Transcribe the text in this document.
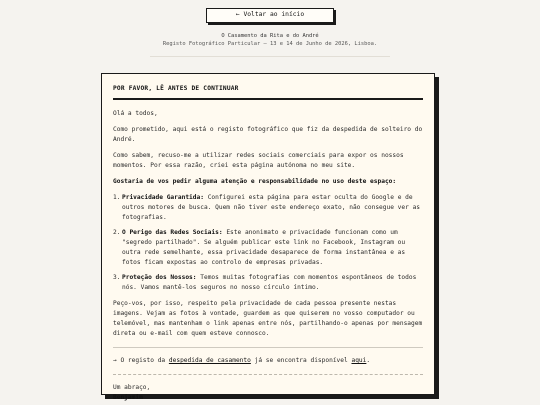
← Voltar ao início
O Casamento da Rita e do André
Registo Fotográfico Particular — 13 e 14 de Junho de 2026, Lisboa.
POR FAVOR, LÊ ANTES DE CONTINUAR

Olá a todos,

Como prometido, aqui está o registo fotográfico que fiz da despedida de solteiro do André.

Como sabem, recuso-me a utilizar redes sociais comerciais para expor os nossos momentos. Por essa razão, criei esta página autónoma no meu site.

Gostaria de vos pedir alguma atenção e responsabilidade no uso deste espaço:

1. Privacidade Garantida: Configurei esta página para estar oculta do Google e de outros motores de busca. Quem não tiver este endereço exato, não consegue ver as fotografias.
2. O Perigo das Redes Sociais: Este anonimato e privacidade funcionam como um "segredo partilhado". Se alguém publicar este link no Facebook, Instagram ou outra rede semelhante, essa privacidade desaparece de forma instantânea e as fotos ficam expostas ao controlo de empresas privadas.
3. Proteção dos Nossos: Temos muitas fotografias com momentos espontâneos de todos nós. Vamos mantê-los seguros no nosso círculo íntimo.

Peço-vos, por isso, respeito pela privacidade de cada pessoa presente nestas imagens. Vejam as fotos à vontade, guardem as que quiserem no vosso computador ou telemóvel, mas mantenham o link apenas entre nós, partilhando-o apenas por mensagem direta ou e-mail com quem esteve connosco.

→ O registo da despedida de casamento já se encontra disponível aqui.

Um abraço,

Benjamim
